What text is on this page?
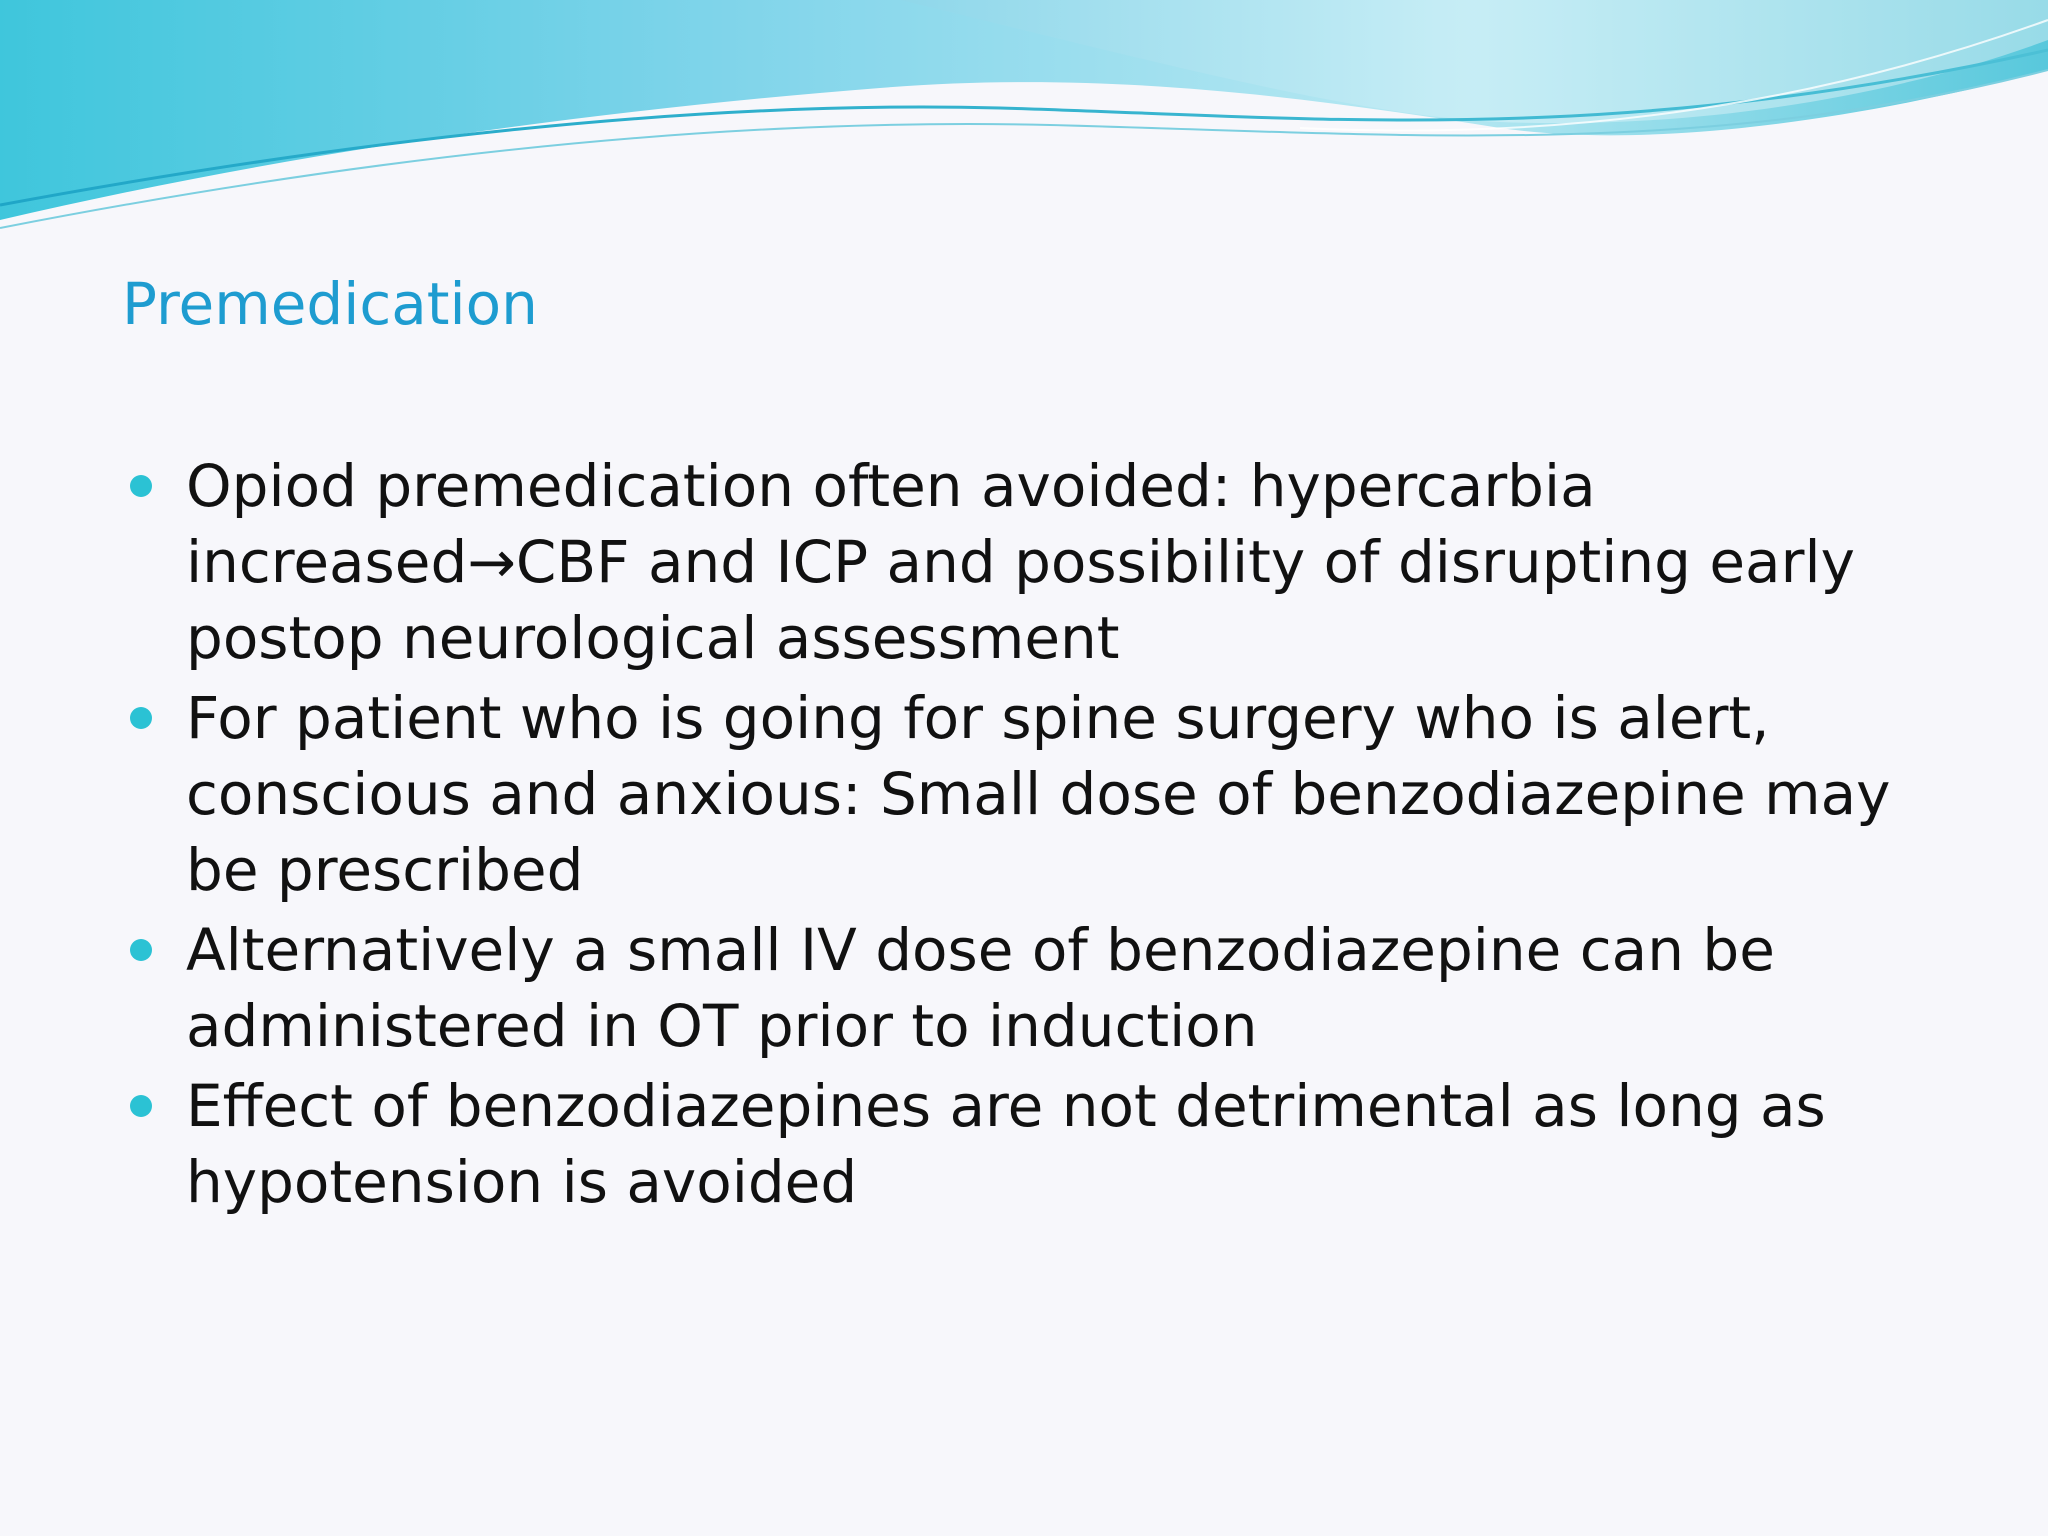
Premedication
Opiod premedication often avoided: hypercarbia increased→CBF and ICP and possibility of disrupting early postop neurological assessment
For patient who is going for spine surgery who is alert, conscious and anxious: Small dose of benzodiazepine may be prescribed
Alternatively a small IV dose of benzodiazepine can be administered in OT prior to induction
Effect of benzodiazepines are not detrimental as long as hypotension is avoided
